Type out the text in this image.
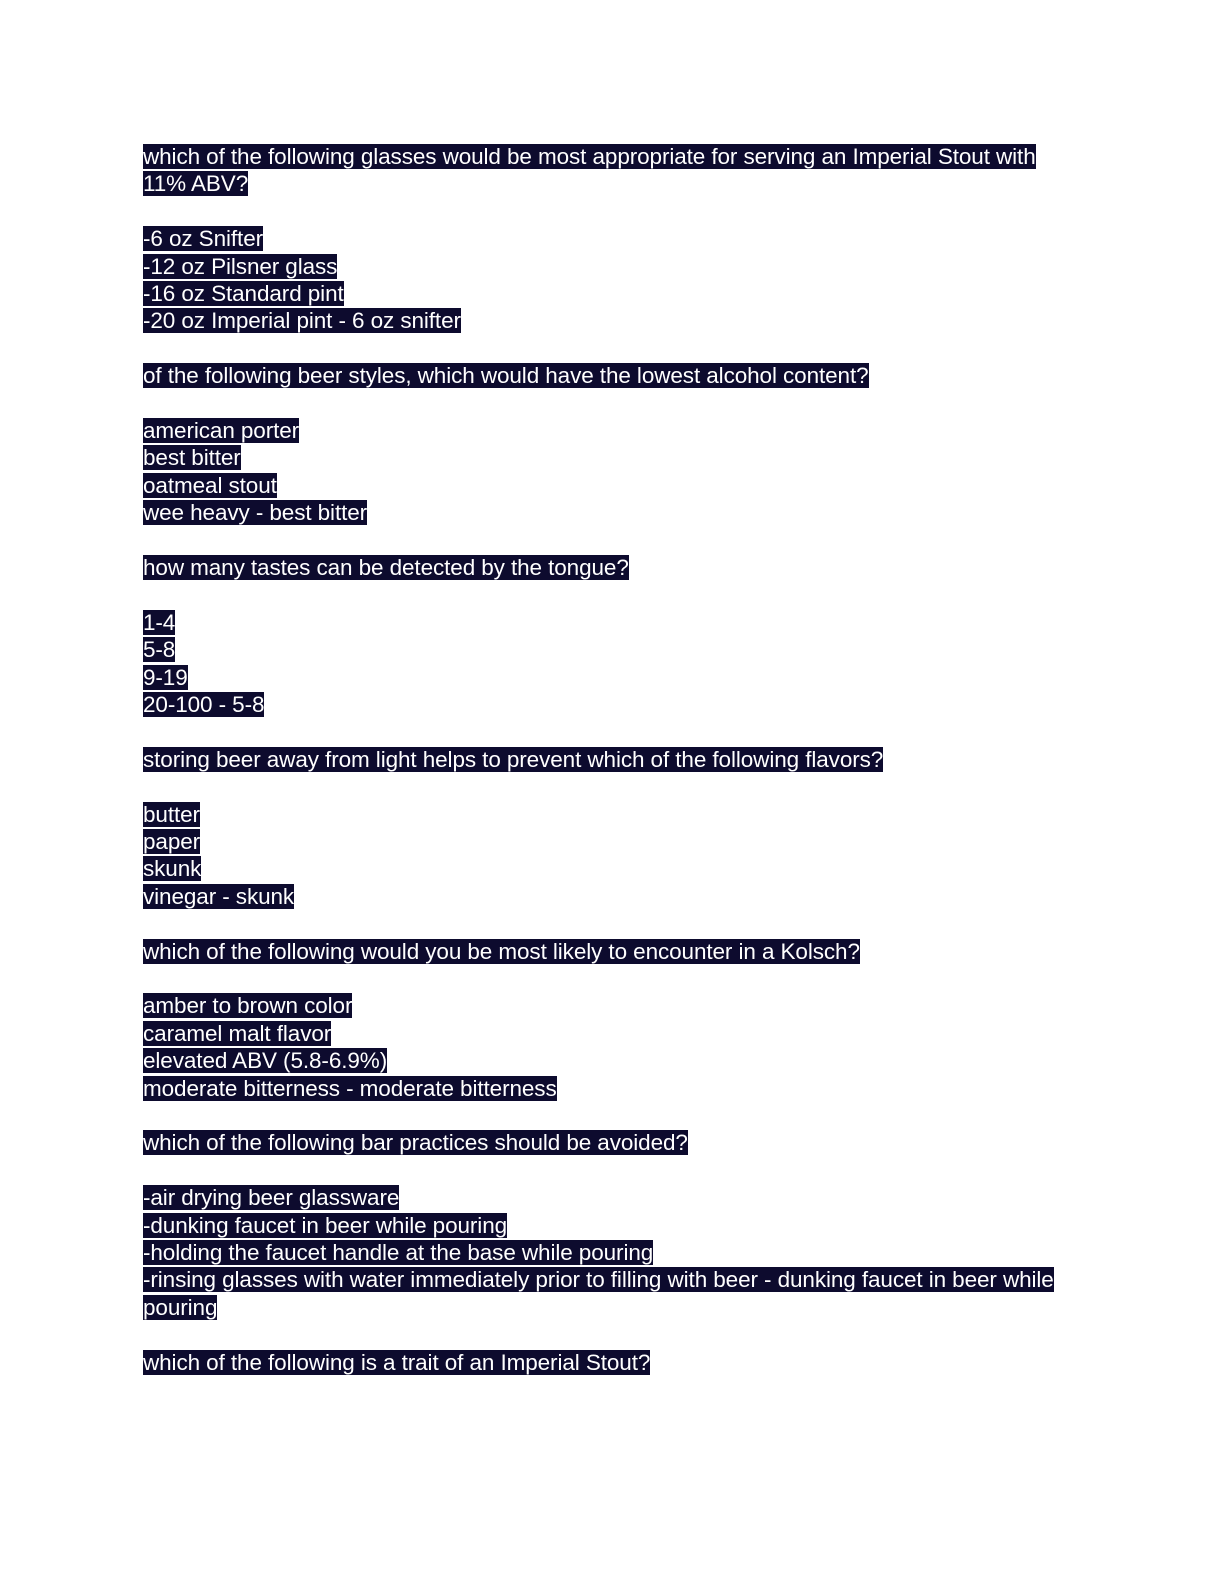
which of the following glasses would be most appropriate for serving an Imperial Stout with 11% ABV?

-6 oz Snifter

-12 oz Pilsner glass

-16 oz Standard pint

-20 oz Imperial pint - 6 oz snifter

of the following beer styles, which would have the lowest alcohol content?

american porter

best bitter

oatmeal stout

wee heavy - best bitter

how many tastes can be detected by the tongue?

1-4

5-8

9-19

20-100 - 5-8

storing beer away from light helps to prevent which of the following flavors?

butter

paper

skunk

vinegar - skunk

which of the following would you be most likely to encounter in a Kolsch?

amber to brown color

caramel malt flavor

elevated ABV (5.8-6.9%)

moderate bitterness - moderate bitterness

which of the following bar practices should be avoided?

-air drying beer glassware

-dunking faucet in beer while pouring

-holding the faucet handle at the base while pouring

-rinsing glasses with water immediately prior to filling with beer - dunking faucet in beer while pouring

which of the following is a trait of an Imperial Stout?
